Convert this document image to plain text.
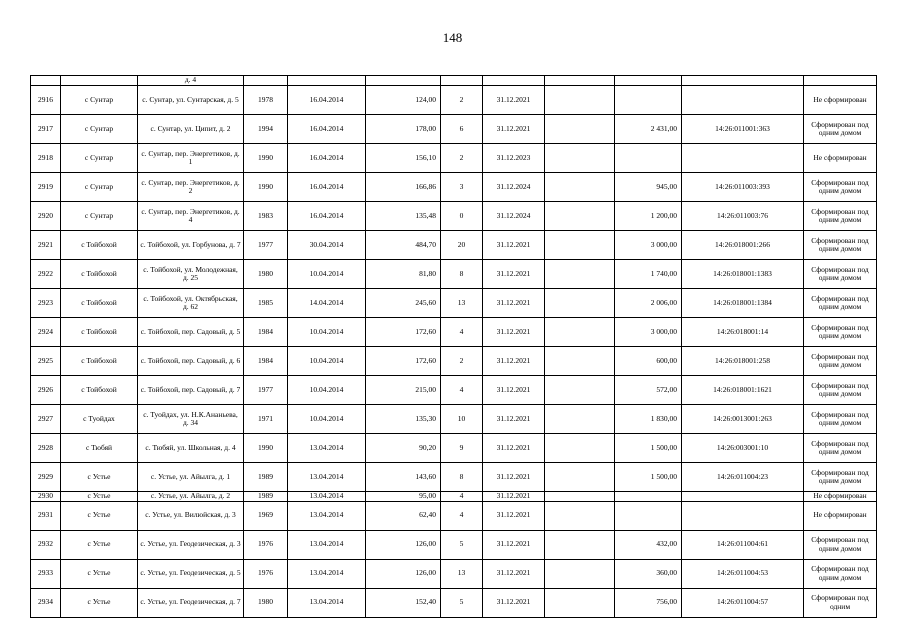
148
		д. 4									
2916	с Сунтар	с. Сунтар, ул. Сунтарская, д. 5	1978	16.04.2014	124,00	2	31.12.2021				Не сформирован
2917	с Сунтар	с. Сунтар, ул. Ципит, д. 2	1994	16.04.2014	178,00	6	31.12.2021		2 431,00	14:26:011001:363	Сформирован под одним домом
2918	с Сунтар	с. Сунтар, пер. Энергетиков, д. 1	1990	16.04.2014	156,10	2	31.12.2023				Не сформирован
2919	с Сунтар	с. Сунтар, пер. Энергетиков, д. 2	1990	16.04.2014	166,86	3	31.12.2024		945,00	14:26:011003:393	Сформирован под одним домом
2920	с Сунтар	с. Сунтар, пер. Энергетиков, д. 4	1983	16.04.2014	135,48	0	31.12.2024		1 200,00	14:26:011003:76	Сформирован под одним домом
2921	с Тойбохой	с. Тойбохой, ул. Горбунова, д. 7	1977	30.04.2014	484,70	20	31.12.2021		3 000,00	14:26:018001:266	Сформирован под одним домом
2922	с Тойбохой	с. Тойбохой, ул. Молодежная, д. 25	1980	10.04.2014	81,80	8	31.12.2021		1 740,00	14:26:018001:1383	Сформирован под одним домом
2923	с Тойбохой	с. Тойбохой, ул. Октябрьская, д. 62	1985	14.04.2014	245,60	13	31.12.2021		2 006,00	14:26:018001:1384	Сформирован под одним домом
2924	с Тойбохой	с. Тойбохой, пер. Садовый, д. 5	1984	10.04.2014	172,60	4	31.12.2021		3 000,00	14:26:018001:14	Сформирован под одним домом
2925	с Тойбохой	с. Тойбохой, пер. Садовый, д. 6	1984	10.04.2014	172,60	2	31.12.2021		600,00	14:26:018001:258	Сформирован под одним домом
2926	с Тойбохой	с. Тойбохой, пер. Садовый, д. 7	1977	10.04.2014	215,00	4	31.12.2021		572,00	14:26:018001:1621	Сформирован под одним домом
2927	с Туойдах	с. Туойдах, ул. Н.К.Ананьева, д. 34	1971	10.04.2014	135,30	10	31.12.2021		1 830,00	14:26:0013001:263	Сформирован под одним домом
2928	с Тюбяй	с. Тюбяй, ул. Школьная, д. 4	1990	13.04.2014	90,20	9	31.12.2021		1 500,00	14:26:003001:10	Сформирован под одним домом
2929	с Устье	с. Устье, ул. Айылга, д. 1	1989	13.04.2014	143,60	8	31.12.2021		1 500,00	14:26:011004:23	Сформирован под одним домом
2930	с Устье	с. Устье, ул. Айылга, д. 2	1989	13.04.2014	95,00	4	31.12.2021				Не сформирован
2931	с Устье	с. Устье, ул. Вилюйская, д. 3	1969	13.04.2014	62,40	4	31.12.2021				Не сформирован
2932	с Устье	с. Устье, ул. Геодезическая, д. 3	1976	13.04.2014	126,00	5	31.12.2021		432,00	14:26:011004:61	Сформирован под одним домом
2933	с Устье	с. Устье, ул. Геодезическая, д. 5	1976	13.04.2014	126,00	13	31.12.2021		360,00	14:26:011004:53	Сформирован под одним домом
2934	с Устье	с. Устье, ул. Геодезическая, д. 7	1980	13.04.2014	152,40	5	31.12.2021		756,00	14:26:011004:57	Сформирован под одним
